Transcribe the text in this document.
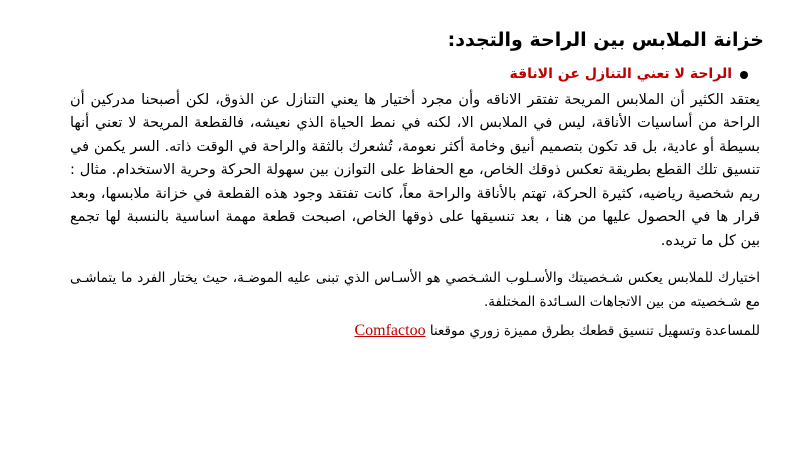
خزانة الملابس بين الراحة والتجدد:
الراحة لا تعني التنازل عن الاناقة

يعتقد الكثير أن الملابس المريحة تفتقر الاناقه وأن مجرد أختيار ها يعني التنازل عن الذوق، لكن أصبحنا مدركين أن الراحة من أساسيات الأناقة، ليس في الملابس الا، لكنه في نمط الحياة الذي نعيشه، فالقطعة المريحة لا تعني أنها بسيطة أو عادية، بل قد تكون بتصميم أنيق وخامة أكثر نعومة، تُشعرك بالثقة والراحة في الوقت ذاته. السر يكمن في تنسيق تلك القطع بطريقة تعكس ذوقك الخاص، مع الحفاظ على التوازن بين سهولة الحركة وحرية الاستخدام. مثال : ريم شخصية رياضيه، كثيرة الحركة، تهتم بالأناقة والراحة معاً، كانت تفتقد وجود هذه القطعة في خزانة ملابسها، وبعد قرار ها في الحصول عليها من هنا ، بعد تنسيقها على ذوقها الخاص، اصبحت قطعة مهمة اساسية بالنسبة لها تجمع بين كل ما تريده.

اختيارك للملابس يعكس شـخصيتك والأسـلوب الشـخصي هو الأسـاس الذي تبنى عليه الموضـة، حيث يختار الفرد ما يتماشـى مع شـخصيته من بين الاتجاهات السـائدة المختلفة.

للمساعدة وتسهيل تنسيق قطعك بطرق مميزة زوري موقعنا Comfactoo
